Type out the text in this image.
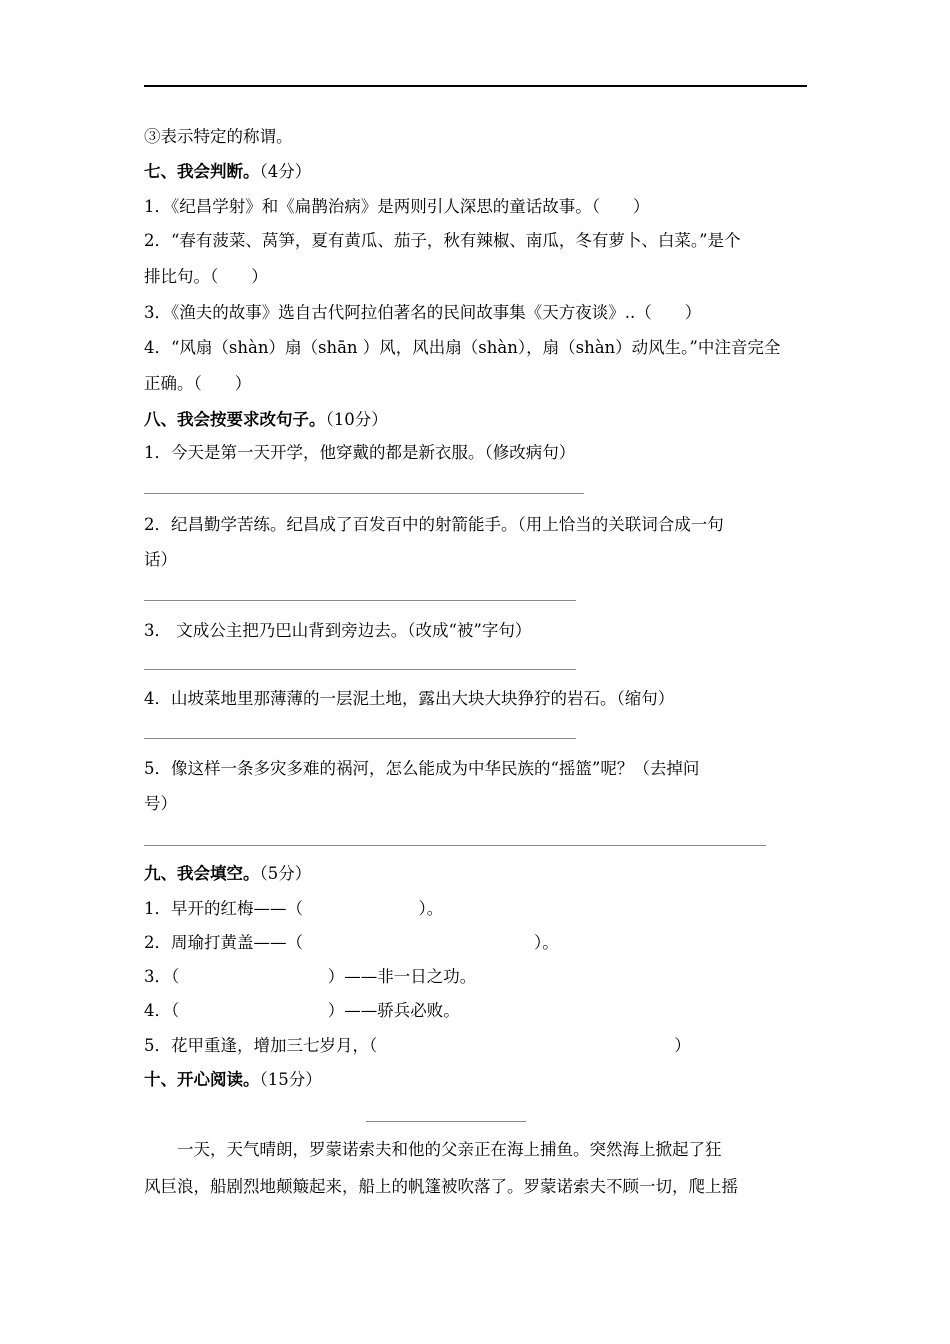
③表示特定的称谓。
七、我会判断。（4分）
1．《纪昌学射》和《扁鹊治病》是两则引人深思的童话故事。（　　）
2．“春有菠菜、莴笋，夏有黄瓜、茄子，秋有辣椒、南瓜，冬有萝卜、白菜。”是个
排比句。（　　）
3．《渔夫的故事》选自古代阿拉伯著名的民间故事集《天方夜谈》..（　　）
4．“风扇（shàn）扇（shān ）风，风出扇（shàn），扇（shàn）动风生。”中注音完全
正确。（　　）
八、我会按要求改句子。（10分）
1．今天是第一天开学，他穿戴的都是新衣服。（修改病句）
2．纪昌勤学苦练。纪昌成了百发百中的射箭能手。（用上恰当的关联词合成一句
话）
3． 文成公主把乃巴山背到旁边去。（改成“被”字句）
4．山坡菜地里那薄薄的一层泥土地，露出大块大块狰狞的岩石。（缩句）
5．像这样一条多灾多难的祸河，怎么能成为中华民族的“摇篮”呢？（去掉问
号）
九、我会填空。（5分）
1．早开的红梅——（　　　　　　　）。
2．周瑜打黄盖——（　　　　　　　　　　　　　　）。
3．（　　　　　　　　　）——非一日之功。
4．（　　　　　　　　　）——骄兵必败。
5．花甲重逢，增加三七岁月，（　　　　　　　　　　　　　　　　　　）
十、开心阅读。（15分）
　　一天，天气晴朗，罗蒙诺索夫和他的父亲正在海上捕鱼。突然海上掀起了狂
风巨浪，船剧烈地颠簸起来，船上的帆篷被吹落了。罗蒙诺索夫不顾一切，爬上摇
